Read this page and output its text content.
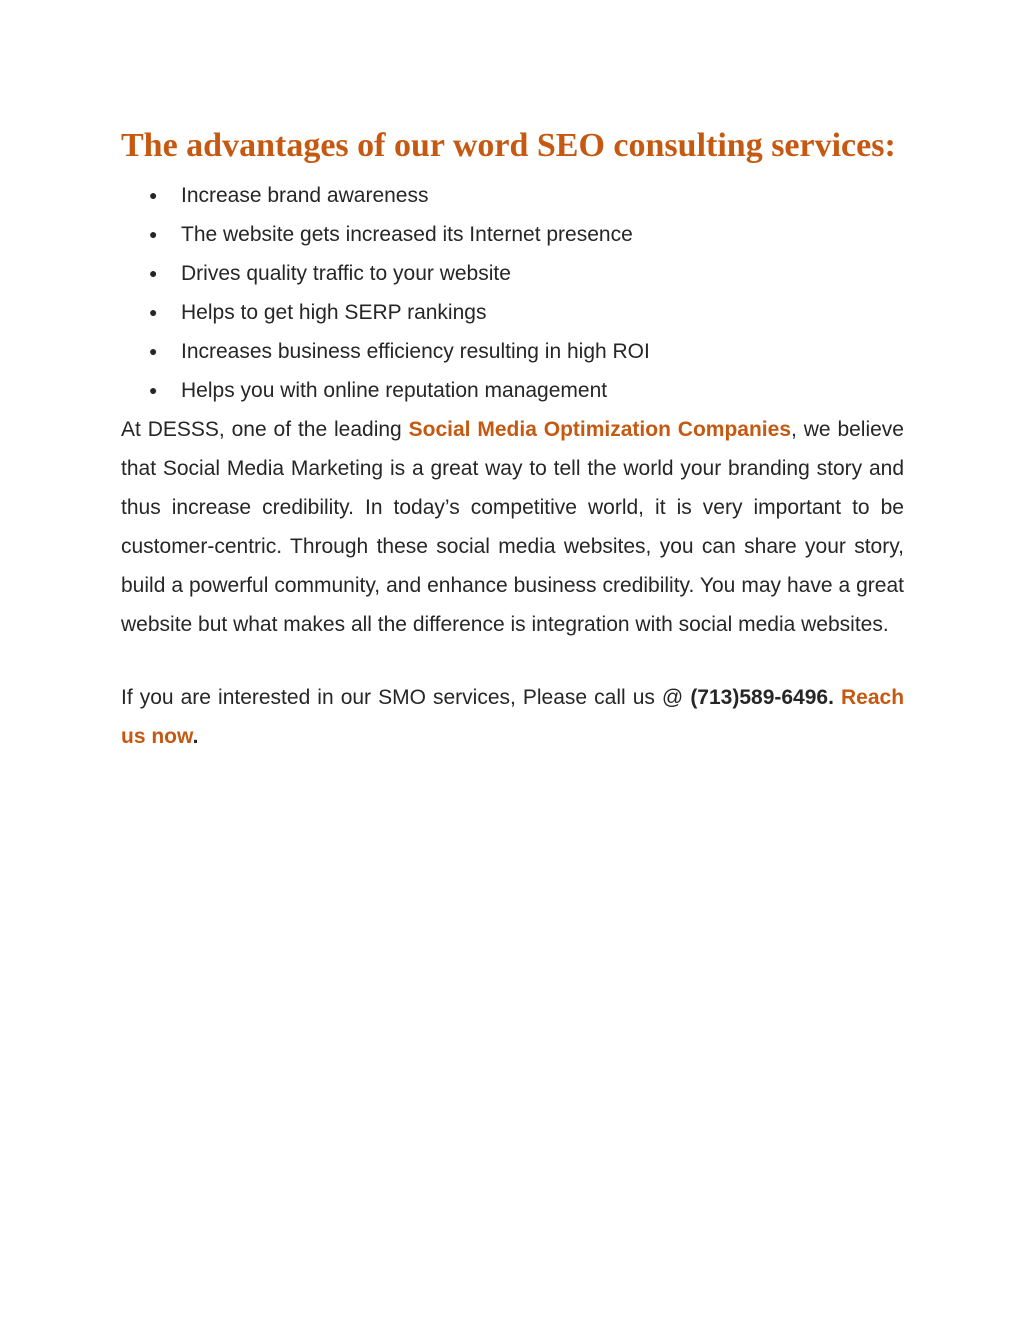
The advantages of our word SEO consulting services:
● Increase brand awareness
● The website gets increased its Internet presence
● Drives quality traffic to your website
● Helps to get high SERP rankings
● Increases business efficiency resulting in high ROI
● Helps you with online reputation management

At DESSS, one of the leading Social Media Optimization Companies, we believe that Social Media Marketing is a great way to tell the world your branding story and thus increase credibility. In today’s competitive world, it is very important to be customer-centric. Through these social media websites, you can share your story, build a powerful community, and enhance business credibility. You may have a great website but what makes all the difference is integration with social media websites.

If you are interested in our SMO services, Please call us @ (713)589-6496. Reach us now.
